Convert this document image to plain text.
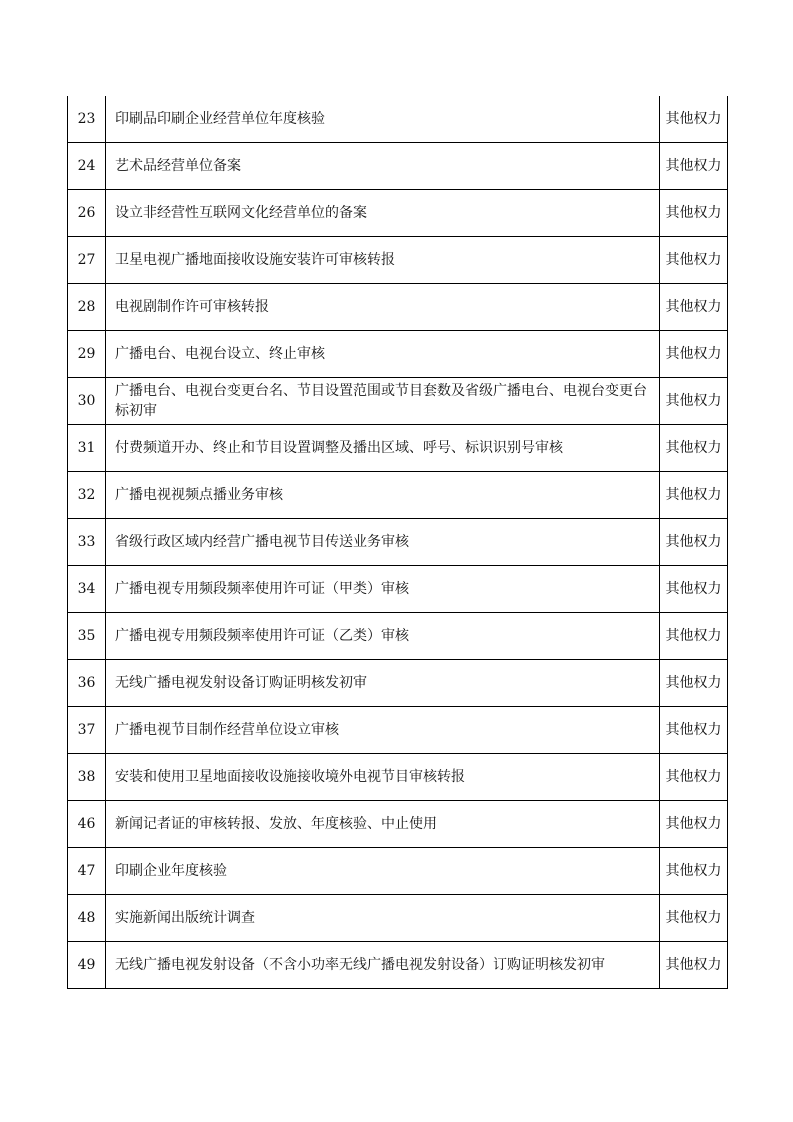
23	印刷品印刷企业经营单位年度核验	其他权力
24	艺术品经营单位备案	其他权力
26	设立非经营性互联网文化经营单位的备案	其他权力
27	卫星电视广播地面接收设施安装许可审核转报	其他权力
28	电视剧制作许可审核转报	其他权力
29	广播电台、电视台设立、终止审核	其他权力
30	广播电台、电视台变更台名、节目设置范围或节目套数及省级广播电台、电视台变更台标初审	其他权力
31	付费频道开办、终止和节目设置调整及播出区域、呼号、标识识别号审核	其他权力
32	广播电视视频点播业务审核	其他权力
33	省级行政区域内经营广播电视节目传送业务审核	其他权力
34	广播电视专用频段频率使用许可证（甲类）审核	其他权力
35	广播电视专用频段频率使用许可证（乙类）审核	其他权力
36	无线广播电视发射设备订购证明核发初审	其他权力
37	广播电视节目制作经营单位设立审核	其他权力
38	安装和使用卫星地面接收设施接收境外电视节目审核转报	其他权力
46	新闻记者证的审核转报、发放、年度核验、中止使用	其他权力
47	印刷企业年度核验	其他权力
48	实施新闻出版统计调查	其他权力
49	无线广播电视发射设备（不含小功率无线广播电视发射设备）订购证明核发初审	其他权力
